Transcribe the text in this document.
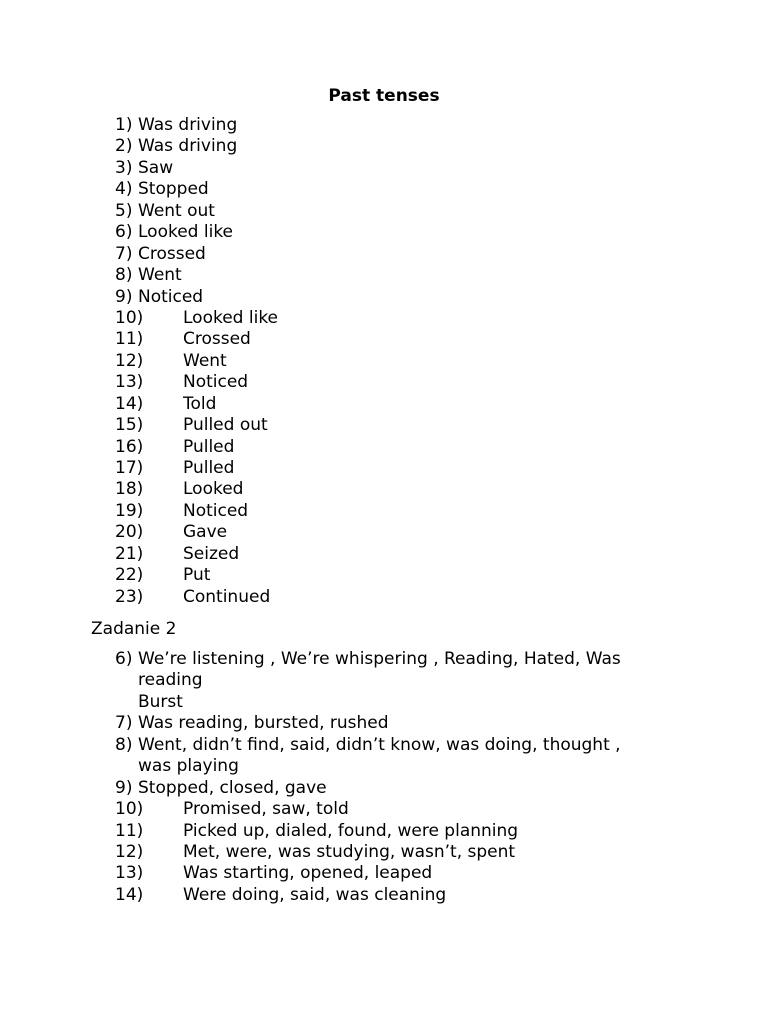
Past tenses
1) Was driving
2) Was driving
3) Saw
4) Stopped
5) Went out
6) Looked like
7) Crossed
8) Went
9) Noticed
10) Looked like
11) Crossed
12) Went
13) Noticed
14) Told
15) Pulled out
16) Pulled
17) Pulled
18) Looked
19) Noticed
20) Gave
21) Seized
22) Put
23) Continued
Zadanie 2
6) We’re listening , We’re whispering , Reading, Hated, Was
reading
Burst
7) Was reading, bursted, rushed
8) Went, didn’t find, said, didn’t know, was doing, thought ,
was playing
9) Stopped, closed, gave
10) Promised, saw, told
11) Picked up, dialed, found, were planning
12) Met, were, was studying, wasn’t, spent
13) Was starting, opened, leaped
14) Were doing, said, was cleaning
